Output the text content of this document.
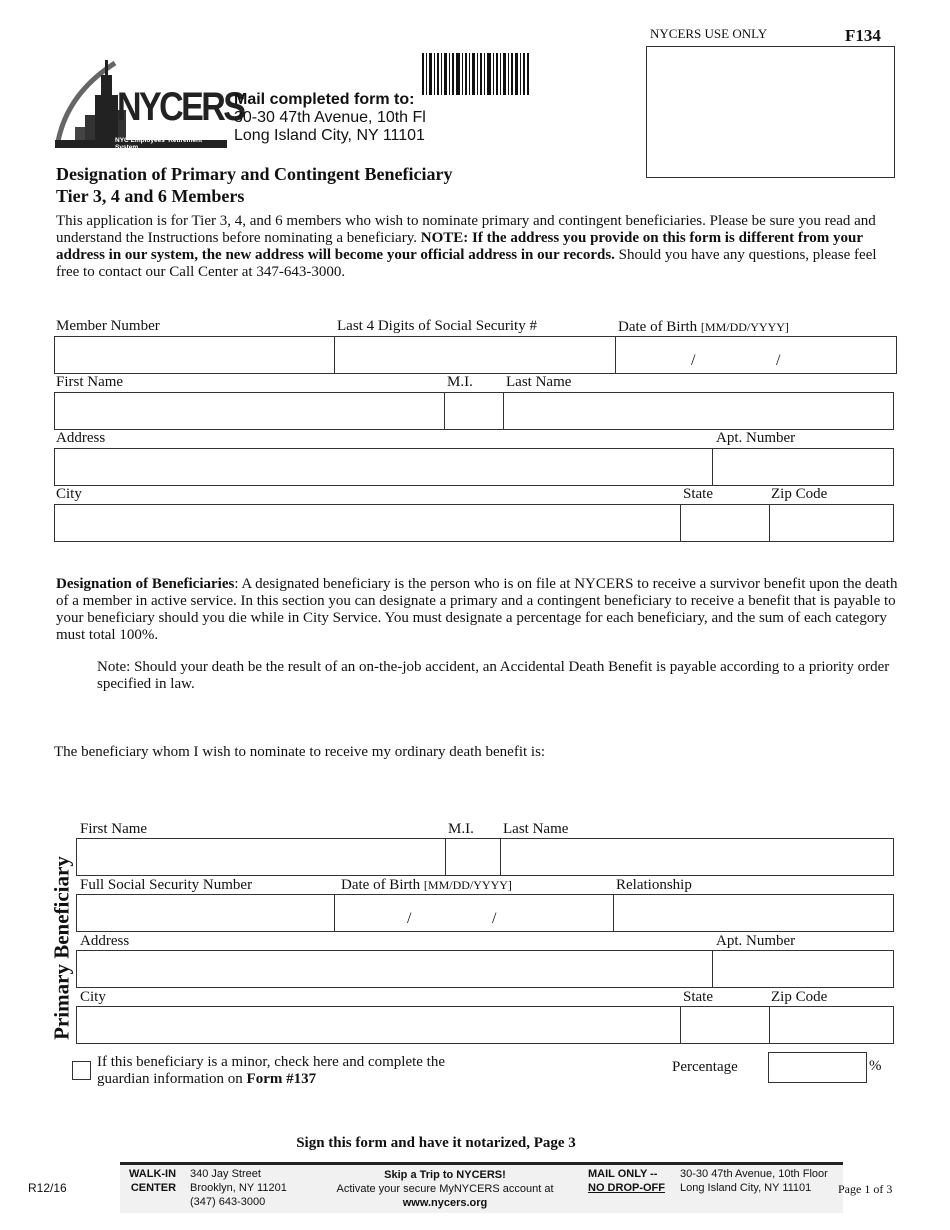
NYCERS
NYC Employees' Retirement System
Mail completed form to:
30-30 47th Avenue, 10th Fl
Long Island City, NY 11101
NYCERS USE ONLY	F134
Designation of Primary and Contingent Beneficiary
Tier 3, 4 and 6 Members
This application is for Tier 3, 4, and 6 members who wish to nominate primary and contingent beneficiaries. Please be sure you read and understand the Instructions before nominating a beneficiary. NOTE: If the address you provide on this form is different from your address in our system, the new address will become your official address in our records. Should you have any questions, please feel free to contact our Call Center at 347-643-3000.
Member Number	Last 4 Digits of Social Security #	Date of Birth [MM/DD/YYYY]
/	/
First Name	M.I. Last Name
Address	Apt. Number
City	State	Zip Code
Designation of Beneficiaries: A designated beneficiary is the person who is on file at NYCERS to receive a survivor benefit upon the death of a member in active service. In this section you can designate a primary and a contingent beneficiary to receive a benefit that is payable to your beneficiary should you die while in City Service. You must designate a percentage for each beneficiary, and the sum of each category must total 100%.
Note: Should your death be the result of an on-the-job accident, an Accidental Death Benefit is payable according to a priority order specified in law.
The beneficiary whom I wish to nominate to receive my ordinary death benefit is:
Primary Beneficiary
First Name	M.I. Last Name
Full Social Security Number	Date of Birth [MM/DD/YYYY]	Relationship
/	/
Address	Apt. Number
City	State	Zip Code
If this beneficiary is a minor, check here and complete the
guardian information on Form #137
Percentage	%
Sign this form and have it notarized, Page 3
R12/16
WALK-IN
CENTER
340 Jay Street
Brooklyn, NY 11201
(347) 643-3000
Skip a Trip to NYCERS!
Activate your secure MyNYCERS account at
www.nycers.org
MAIL ONLY --
NO DROP-OFF
30-30 47th Avenue, 10th Floor
Long Island City, NY 11101	Page 1 of 3
